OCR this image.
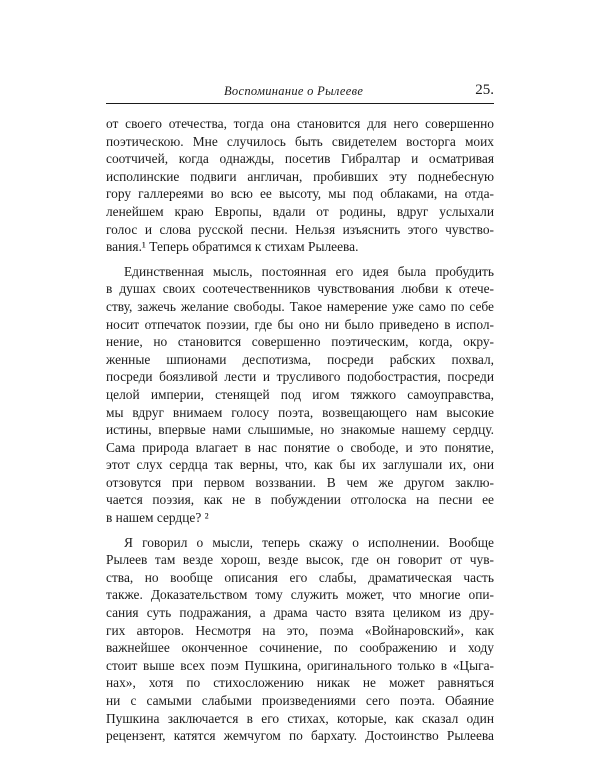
Воспоминание о Рылееве	25.

от своего отечества, тогда она становится для него совершенно
поэтическою. Мне случилось быть свидетелем восторга моих
соотчичей, когда однажды, посетив Гибралтар и осматривая
исполинские подвиги англичан, пробивших эту поднебесную
гору галлереями во всю ее высоту, мы под облаками, на отда-
ленейшем краю Европы, вдали от родины, вдруг услыхали
голос и слова русской песни. Нельзя изъяснить этого чувство-
вания.¹ Теперь обратимся к стихам Рылеева.

Единственная мысль, постоянная его идея была пробудить
в душах своих соотечественников чувствования любви к отече-
ству, зажечь желание свободы. Такое намерение уже само по себе
носит отпечаток поэзии, где бы оно ни было приведено в испол-
нение, но становится совершенно поэтическим, когда, окру-
женные шпионами деспотизма, посреди рабских похвал,
посреди боязливой лести и трусливого подобострастия, посреди
целой империи, стенящей под игом тяжкого самоуправства,
мы вдруг внимаем голосу поэта, возвещающего нам высокие
истины, впервые нами слышимые, но знакомые нашему сердцу.
Сама природа влагает в нас понятие о свободе, и это понятие,
этот слух сердца так верны, что, как бы их заглушали их, они
отзовутся при первом воззвании. В чем же другом заклю-
чается поэзия, как не в побуждении отголоска на песни ее
в нашем сердце? ²

Я говорил о мысли, теперь скажу о исполнении. Вообще
Рылеев там везде хорош, везде высок, где он говорит от чув-
ства, но вообще описания его слабы, драматическая часть
также. Доказательством тому служить может, что многие опи-
сания суть подражания, а драма часто взята целиком из дру-
гих авторов. Несмотря на это, поэма «Войнаровский», как
важнейшее оконченное сочинение, по соображению и ходу
стоит выше всех поэм Пушкина, оригинального только в «Цыга-
нах», хотя по стихосложению никак не может равняться
ни с самыми слабыми произведениями сего поэта. Обаяние
Пушкина заключается в его стихах, которые, как сказал один
рецензент, катятся жемчугом по бархату. Достоинство Рылеева
